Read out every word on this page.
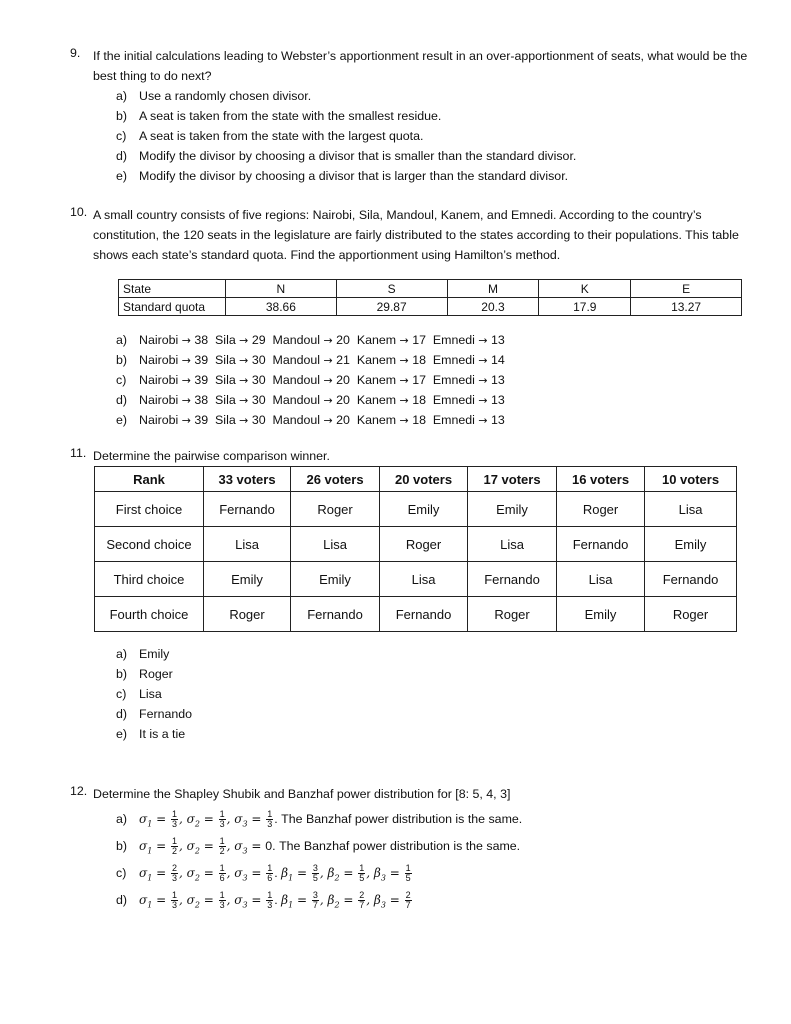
9. If the initial calculations leading to Webster’s apportionment result in an over-apportionment of seats, what would be the best thing to do next?
a) Use a randomly chosen divisor.
b) A seat is taken from the state with the smallest residue.
c) A seat is taken from the state with the largest quota.
d) Modify the divisor by choosing a divisor that is smaller than the standard divisor.
e) Modify the divisor by choosing a divisor that is larger than the standard divisor.
10. A small country consists of five regions: Nairobi, Sila, Mandoul, Kanem, and Emnedi. According to the country’s constitution, the 120 seats in the legislature are fairly distributed to the states according to their populations. This table shows each state’s standard quota. Find the apportionment using Hamilton’s method.
State	N	S	M	K	E
Standard quota	38.66	29.87	20.3	17.9	13.27
a) Nairobi → 38  Sila → 29  Mandoul → 20  Kanem → 17  Emnedi → 13
b) Nairobi → 39  Sila → 30  Mandoul → 21  Kanem → 18  Emnedi → 14
c) Nairobi → 39  Sila → 30  Mandoul → 20  Kanem → 17  Emnedi → 13
d) Nairobi → 38  Sila → 30  Mandoul → 20  Kanem → 18  Emnedi → 13
e) Nairobi → 39  Sila → 30  Mandoul → 20  Kanem → 18  Emnedi → 13
11. Determine the pairwise comparison winner.
Rank	33 voters	26 voters	20 voters	17 voters	16 voters	10 voters
First choice	Fernando	Roger	Emily	Emily	Roger	Lisa
Second choice	Lisa	Lisa	Roger	Lisa	Fernando	Emily
Third choice	Emily	Emily	Lisa	Fernando	Lisa	Fernando
Fourth choice	Roger	Fernando	Fernando	Roger	Emily	Roger
a) Emily
b) Roger
c) Lisa
d) Fernando
e) It is a tie
12. Determine the Shapley Shubik and Banzhaf power distribution for [8: 5, 4, 3]
a) $\sigma_1 = \frac{1}{3}$ , $\sigma_2 = \frac{1}{3}$ , $\sigma_3 = \frac{1}{3}$ . The Banzhaf power distribution is the same.
b) $\sigma_1 = \frac{1}{2}$ , $\sigma_2 = \frac{1}{2}$ , $\sigma_3 = 0$. The Banzhaf power distribution is the same.
c) $\sigma_1 = \frac{2}{3}$ , $\sigma_2 = \frac{1}{6}$ , $\sigma_3 = \frac{1}{6}$ . $\beta_1 = \frac{3}{5}$ , $\beta_2 = \frac{1}{5}$ , $\beta_3 = \frac{1}{5}$
d) $\sigma_1 = \frac{1}{3}$ , $\sigma_2 = \frac{1}{3}$ , $\sigma_3 = \frac{1}{3}$ . $\beta_1 = \frac{3}{7}$ , $\beta_2 = \frac{2}{7}$ , $\beta_3 = \frac{2}{7}$
